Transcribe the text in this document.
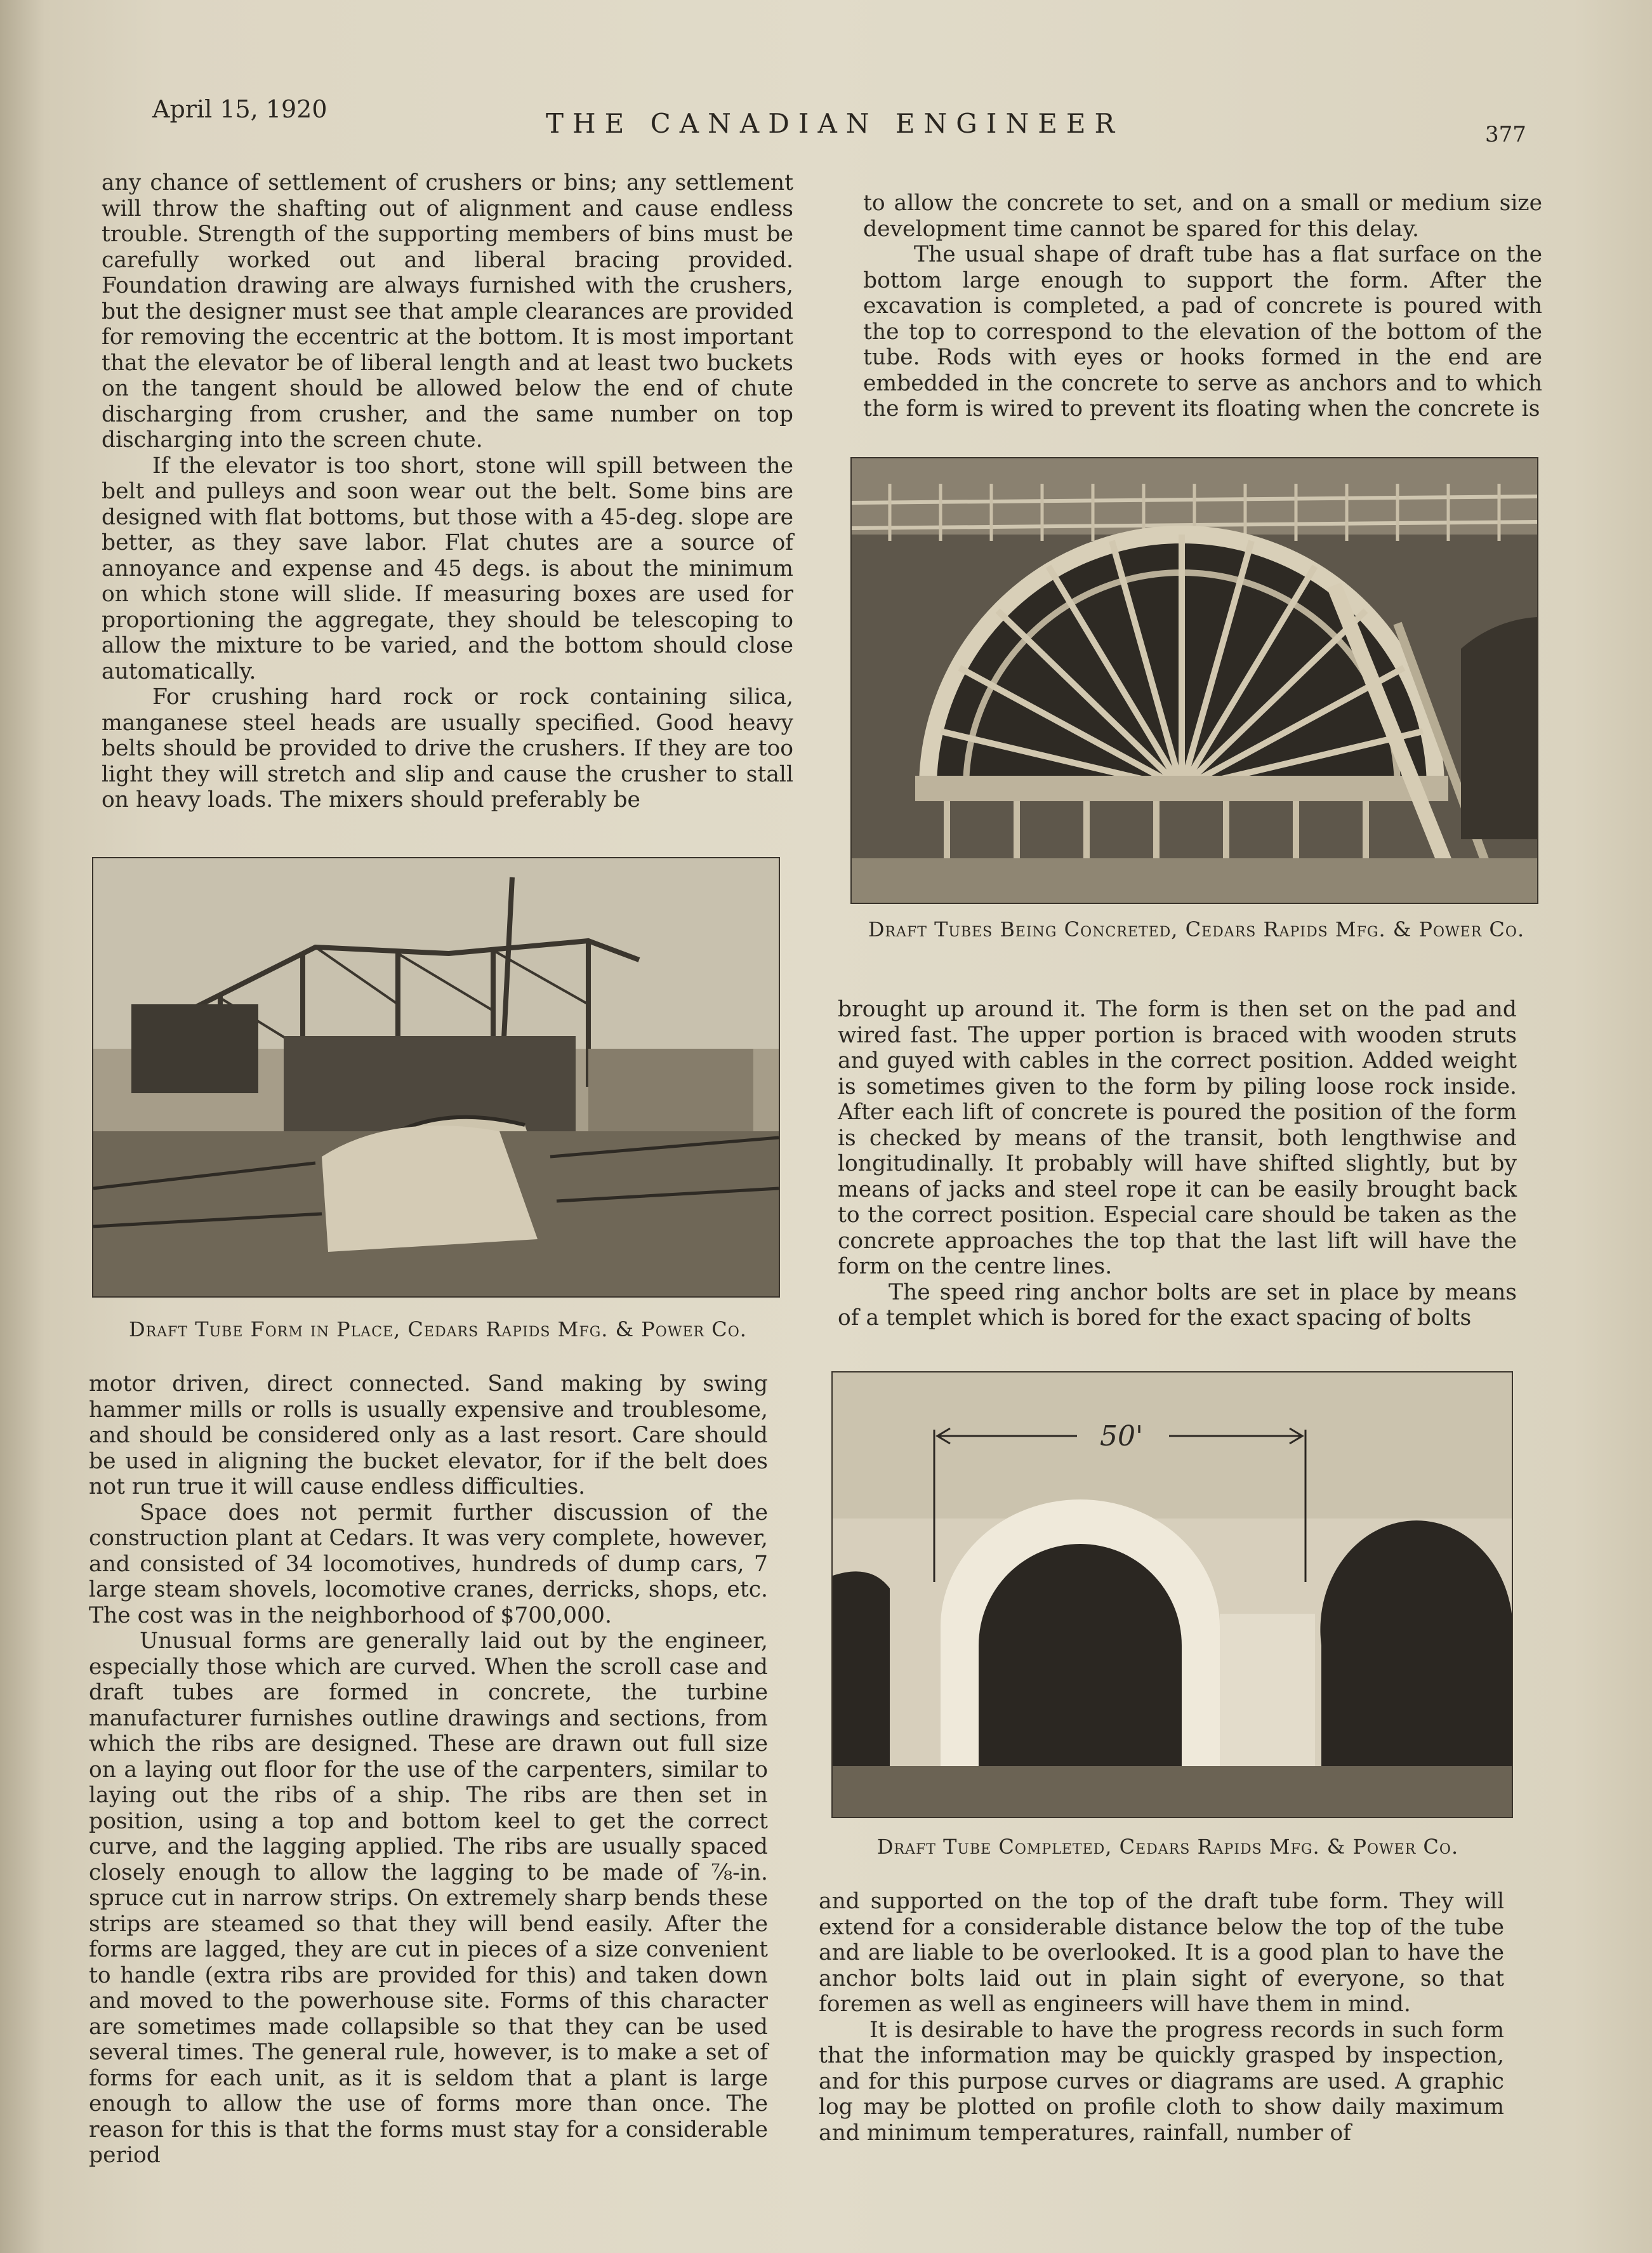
April 15, 1920	THE CANADIAN ENGINEER	377

any chance of settlement of crushers or bins; any settlement will throw the shafting out of alignment and cause endless trouble. Strength of the supporting members of bins must be carefully worked out and liberal bracing provided. Foundation drawing are always furnished with the crushers, but the designer must see that ample clearances are provided for removing the eccentric at the bottom. It is most important that the elevator be of liberal length and at least two buckets on the tangent should be allowed below the end of chute discharging from crusher, and the same number on top discharging into the screen chute.

If the elevator is too short, stone will spill between the belt and pulleys and soon wear out the belt. Some bins are designed with flat bottoms, but those with a 45-deg. slope are better, as they save labor. Flat chutes are a source of annoyance and expense and 45 degs. is about the minimum on which stone will slide. If measuring boxes are used for proportioning the aggregate, they should be telescoping to allow the mixture to be varied, and the bottom should close automatically.

For crushing hard rock or rock containing silica, manganese steel heads are usually specified. Good heavy belts should be provided to drive the crushers. If they are too light they will stretch and slip and cause the crusher to stall on heavy loads. The mixers should preferably be

to allow the concrete to set, and on a small or medium size development time cannot be spared for this delay.

The usual shape of draft tube has a flat surface on the bottom large enough to support the form. After the excavation is completed, a pad of concrete is poured with the top to correspond to the elevation of the bottom of the tube. Rods with eyes or hooks formed in the end are embedded in the concrete to serve as anchors and to which the form is wired to prevent its floating when the concrete is

Draft Tubes Being Concreted, Cedars Rapids Mfg. & Power Co.
Draft Tube Form in Place, Cedars Rapids Mfg. & Power Co.

motor driven, direct connected. Sand making by swing hammer mills or rolls is usually expensive and troublesome, and should be considered only as a last resort. Care should be used in aligning the bucket elevator, for if the belt does not run true it will cause endless difficulties.

Space does not permit further discussion of the construction plant at Cedars. It was very complete, however, and consisted of 34 locomotives, hundreds of dump cars, 7 large steam shovels, locomotive cranes, derricks, shops, etc. The cost was in the neighborhood of $700,000.

Unusual forms are generally laid out by the engineer, especially those which are curved. When the scroll case and draft tubes are formed in concrete, the turbine manufacturer furnishes outline drawings and sections, from which the ribs are designed. These are drawn out full size on a laying out floor for the use of the carpenters, similar to laying out the ribs of a ship. The ribs are then set in position, using a top and bottom keel to get the correct curve, and the lagging applied. The ribs are usually spaced closely enough to allow the lagging to be made of ⅞-in. spruce cut in narrow strips. On extremely sharp bends these strips are steamed so that they will bend easily. After the forms are lagged, they are cut in pieces of a size convenient to handle (extra ribs are provided for this) and taken down and moved to the powerhouse site. Forms of this character are sometimes made collapsible so that they can be used several times. The general rule, however, is to make a set of forms for each unit, as it is seldom that a plant is large enough to allow the use of forms more than once. The reason for this is that the forms must stay for a considerable period

brought up around it. The form is then set on the pad and wired fast. The upper portion is braced with wooden struts and guyed with cables in the correct position. Added weight is sometimes given to the form by piling loose rock inside. After each lift of concrete is poured the position of the form is checked by means of the transit, both lengthwise and longitudinally. It probably will have shifted slightly, but by means of jacks and steel rope it can be easily brought back to the correct position. Especial care should be taken as the concrete approaches the top that the last lift will have the form on the centre lines.

The speed ring anchor bolts are set in place by means of a templet which is bored for the exact spacing of bolts

50'
Draft Tube Completed, Cedars Rapids Mfg. & Power Co.

and supported on the top of the draft tube form. They will extend for a considerable distance below the top of the tube and are liable to be overlooked. It is a good plan to have the anchor bolts laid out in plain sight of everyone, so that foremen as well as engineers will have them in mind.

It is desirable to have the progress records in such form that the information may be quickly grasped by inspection, and for this purpose curves or diagrams are used. A graphic log may be plotted on profile cloth to show daily maximum and minimum temperatures, rainfall, number of
